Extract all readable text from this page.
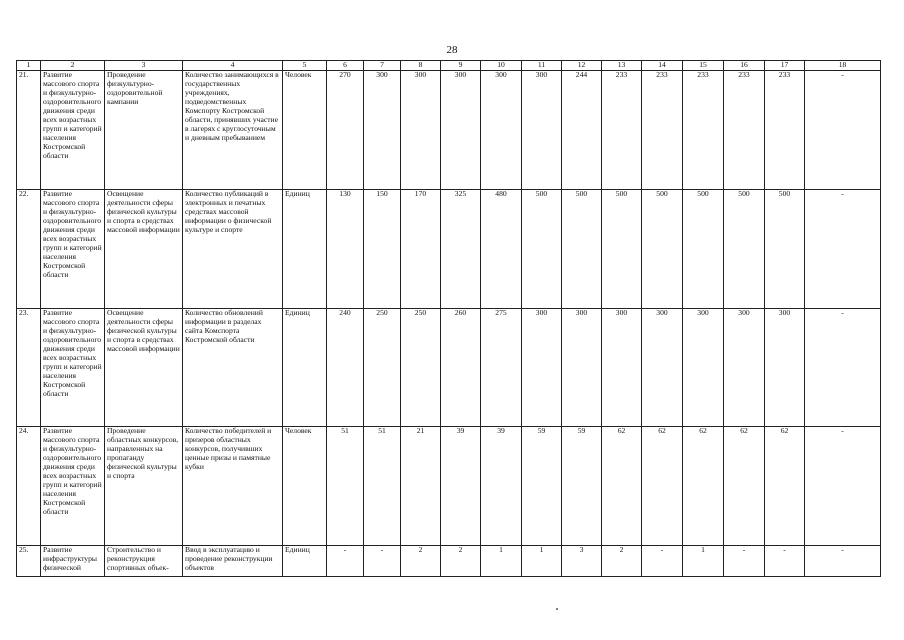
28
1	2	3	4	5	6	7	8	9	10	11	12	13	14	15	16	17	18
21.	Развитие массового спорта и физкультурно-оздоровительного движения среди всех возрастных групп и категорий населения Костромской области	Проведение физкультурно-оздоровительной кампании	Количество занимающихся в государственных учреждениях, подведомственных Комспорту Костромской области, принявших участие в лагерях с круглосуточным и дневным пребыванием	Человек	270	300	300	300	300	300	244	233	233	233	233	233	-
22.	Развитие массового спорта и физкультурно-оздоровительного движения среди всех возрастных групп и категорий населения Костромской области	Освещение деятельности сферы физической культуры и спорта в средствах массовой информации	Количество публикаций в электронных и печатных средствах массовой информации о физической культуре и спорте	Единиц	130	150	170	325	480	500	500	500	500	500	500	500	-
23.	Развитие массового спорта и физкультурно-оздоровительного движения среди всех возрастных групп и категорий населения Костромской области	Освещение деятельности сферы физической культуры и спорта в средствах массовой информации	Количество обновлений информации в разделах сайта Комспорта Костромской области	Единиц	240	250	250	260	275	300	300	300	300	300	300	300	-
24.	Развитие массового спорта и физкультурно-оздоровительного движения среди всех возрастных групп и категорий населения Костромской области	Проведение областных конкурсов, направленных на пропаганду физической культуры и спорта	Количество победителей и призеров областных конкурсов, получивших ценные призы и памятные кубки	Человек	51	51	21	39	39	59	59	62	62	62	62	62	-
25.	Развитие инфраструктуры физической	Строительство и реконструкция спортивных объек-	Ввод в эксплуатацию и проведение реконструкции объектов	Единиц	-	-	2	2	1	1	3	2	-	1	-	-	-
